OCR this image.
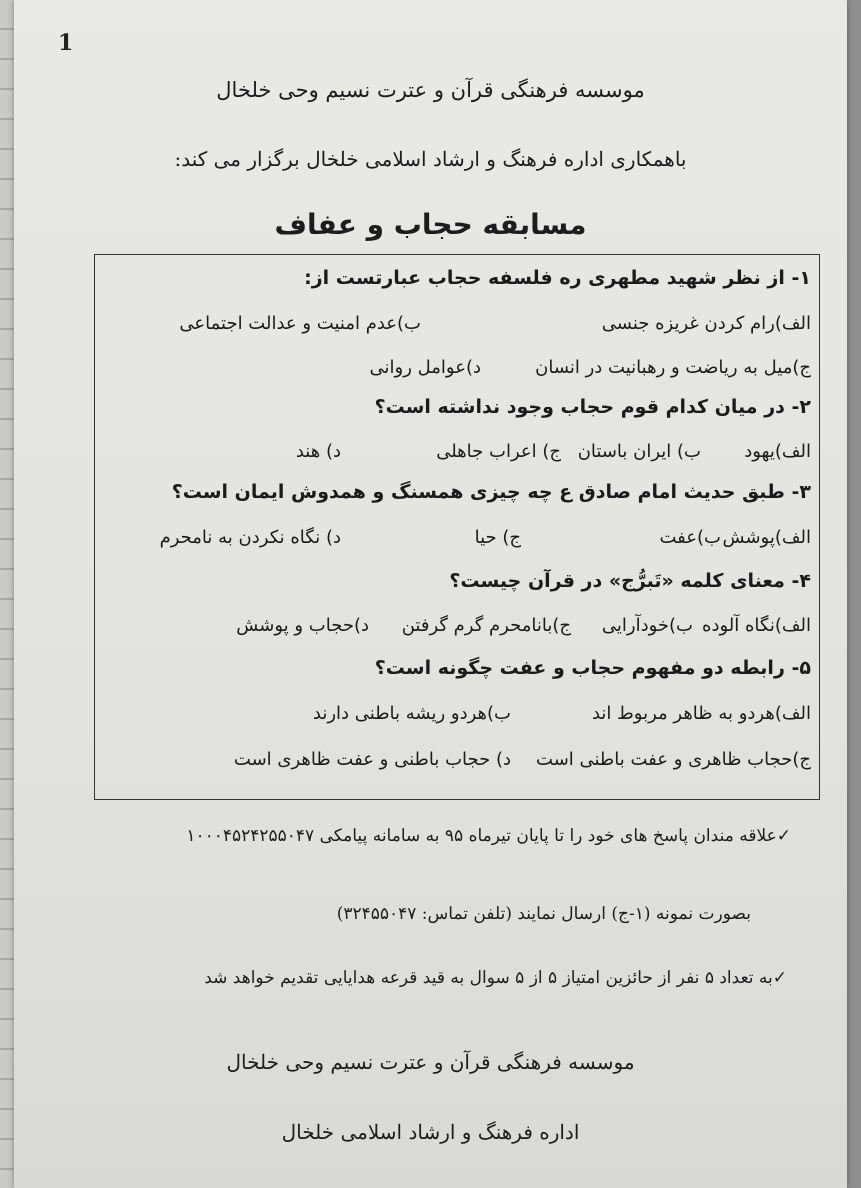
1
موسسه فرهنگی قرآن و عترت نسیم وحی خلخال
باهمکاری اداره فرهنگ و ارشاد اسلامی خلخال برگزار می کند:
مسابقه حجاب و عفاف
۱- از نظر شهید مطهری ره فلسفه حجاب عبارتست از:
الف)رام کردن غریزه جنسی
ب)عدم امنیت و عدالت اجتماعی
ج)میل به ریاضت و رهبانیت در انسان
د)عوامل روانی
۲- در میان کدام قوم حجاب وجود نداشته است؟
الف)یهود
ب) ایران باستان
ج) اعراب جاهلی
د) هند
۳- طبق حدیث امام صادق ع چه چیزی همسنگ و همدوش ایمان است؟
الف)پوشش
ب)عفت
ج) حیا
د) نگاه نکردن به نامحرم
۴- معنای کلمه «تَبرُّج» در قرآن چیست؟
الف)نگاه آلوده
ب)خودآرایی
ج)بانامحرم گرم گرفتن
د)حجاب و پوشش
۵- رابطه دو مفهوم حجاب و عفت چگونه است؟
الف)هردو به ظاهر مربوط اند
ب)هردو ریشه باطنی دارند
ج)حجاب ظاهری و عفت باطنی است
د) حجاب باطنی و عفت ظاهری است
✓علاقه مندان پاسخ های خود را تا پایان تیرماه ۹۵ به سامانه پیامکی ۱۰۰۰۴۵۲۴۲۵۵۰۴۷
بصورت نمونه (۱-ج) ارسال نمایند (تلفن تماس: ۳۲۴۵۵۰۴۷)
✓به تعداد ۵ نفر از حائزین امتیاز ۵ از ۵ سوال به قید قرعه هدایایی تقدیم خواهد شد
موسسه فرهنگی قرآن و عترت نسیم وحی خلخال
اداره فرهنگ و ارشاد اسلامی خلخال
